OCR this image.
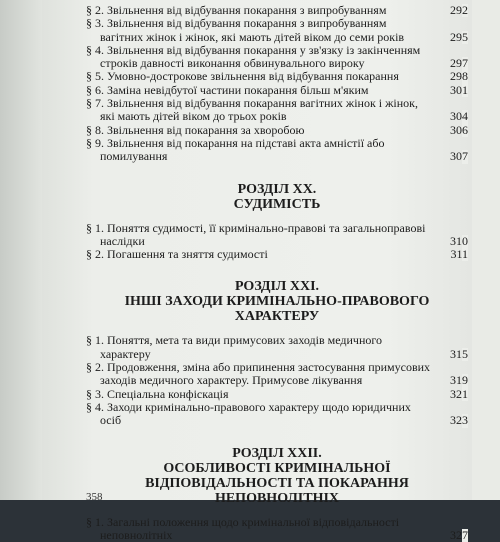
§ 2. Звільнення від відбування покарання з випробуванням	292
§ 3. Звільнення від відбування покарання з випробуванням вагітних жінок і жінок, які мають дітей віком до семи років	295
§ 4. Звільнення від відбування покарання у зв'язку із закінченням строків давності виконання обвинувального вироку	297
§ 5. Умовно-дострокове звільнення від відбування покарання	298
§ 6. Заміна невідбутої частини покарання більш м'яким	301
§ 7. Звільнення від відбування покарання вагітних жінок і жінок, які мають дітей віком до трьох років	304
§ 8. Звільнення від покарання за хворобою	306
§ 9. Звільнення від покарання на підставі акта амністії або помилування	307

РОЗДІЛ XX.

СУДИМІСТЬ

§ 1. Поняття судимості, її кримінально-правові та загальноправові наслідки	310
§ 2. Погашення та зняття судимості	311

РОЗДІЛ XXI.

ІНШІ ЗАХОДИ КРИМІНАЛЬНО-ПРАВОВОГО

ХАРАКТЕРУ

§ 1. Поняття, мета та види примусових заходів медичного характеру	315
§ 2. Продовження, зміна або припинення застосування примусових заходів медичного характеру. Примусове лікування	319
§ 3. Спеціальна конфіскація	321
§ 4. Заходи кримінально-правового характеру щодо юридичних осіб	323

РОЗДІЛ XXII.

ОСОБЛИВОСТІ КРИМІНАЛЬНОЇ

ВІДПОВІДАЛЬНОСТІ ТА ПОКАРАННЯ

НЕПОВНОЛІТНІХ

§ 1. Загальні положення щодо кримінальної відповідальності неповнолітніх	327
358
